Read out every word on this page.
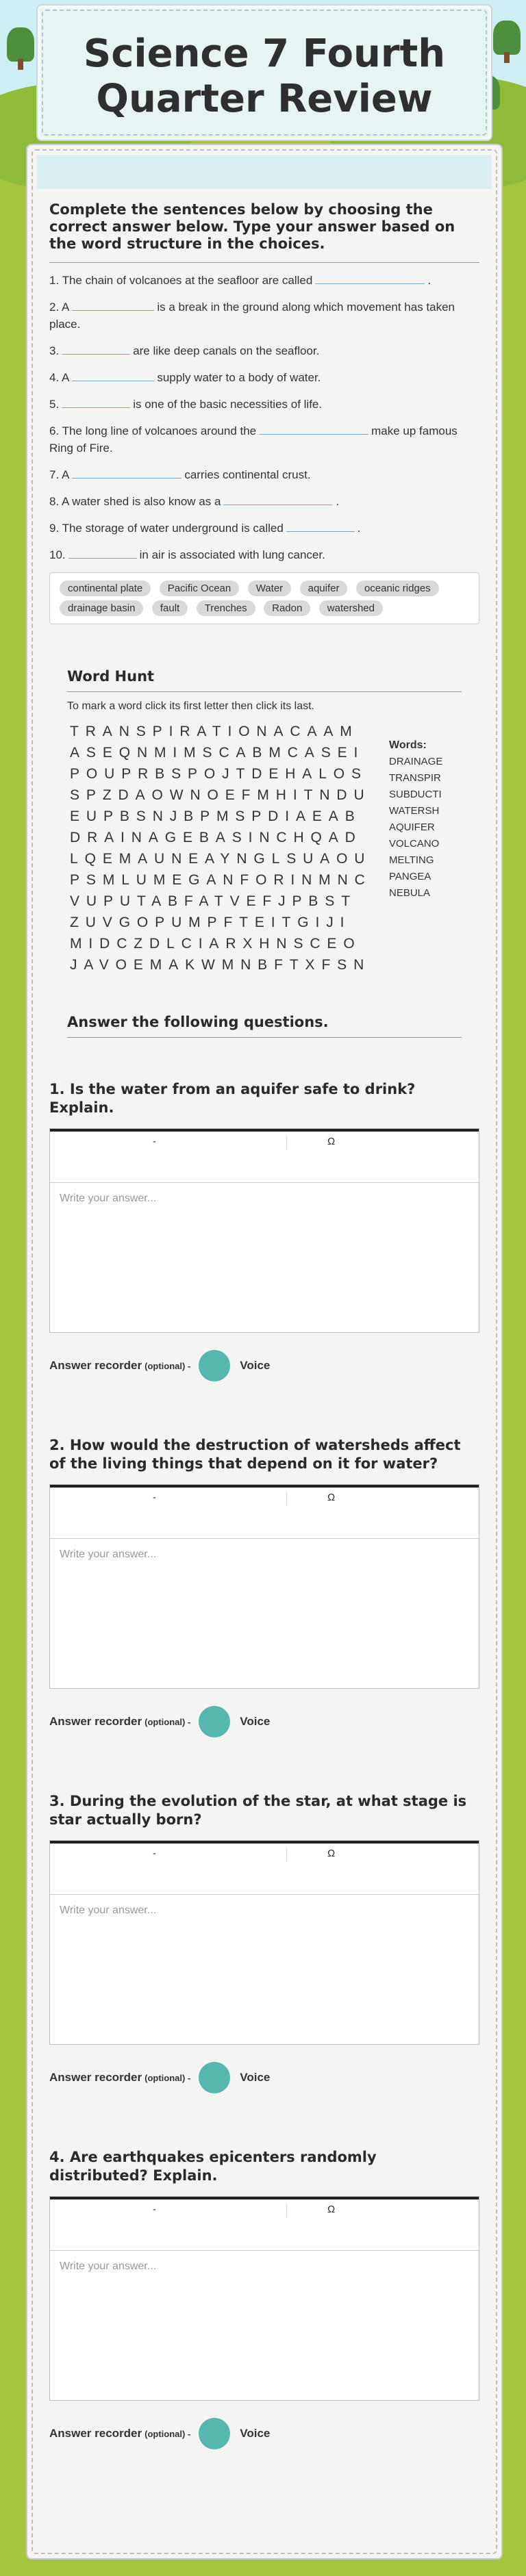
Science 7 Fourth Quarter Review
Complete the sentences below by choosing the correct answer below. Type your answer based on the word structure in the choices.
1. The chain of volcanoes at the seafloor are called	.
2. A	is a break in the ground along which movement has taken place.
3.	are like deep canals on the seafloor.
4. A	supply water to a body of water.
5.	is one of the basic necessities of life.
6. The long line of volcanoes around the	make up famous Ring of Fire.
7. A	carries continental crust.
8. A water shed is also know as a	.
9. The storage of water underground is called	.
10.	in air is associated with lung cancer.
continental plate Pacific Ocean Water aquifer oceanic ridges drainage basin fault Trenches Radon watershed
Word Hunt
To mark a word click its first letter then click its last.
TRANSPIRATIONACAAM
ASEQNMIMSCABMCASEI
POUPRBSPOJTDEHALOS
SPZDAOWNOEFMHITNDU
EUPBSNJBPMSPDIAEAB
DRAINAGEBASINCHQAD
LQEMAUNEAYNGLSUAOU
PSMLUMEGANFORINMNC
VUPUTABFATVEFJPBST
ZUVGOPUMPFTEITGIJI
MIDCZDLCIARXHNSCEO
JAVOEMAKWMNBFTXFSN
Words:
DRAINAGE
TRANSPIR
SUBDUCTI
WATERSH
AQUIFER
VOLCANO
MELTING
PANGEA
NEBULA
Answer the following questions.
1. Is the water from an aquifer safe to drink? Explain.
-	Ω
Write your answer...
Answer recorder (optional) -	Voice
2. How would the destruction of watersheds affect of the living things that depend on it for water?
-	Ω
Write your answer...
Answer recorder (optional) -	Voice
3. During the evolution of the star, at what stage is star actually born?
-	Ω
Write your answer...
Answer recorder (optional) -	Voice
4. Are earthquakes epicenters randomly distributed? Explain.
-	Ω
Write your answer...
Answer recorder (optional) -	Voice
